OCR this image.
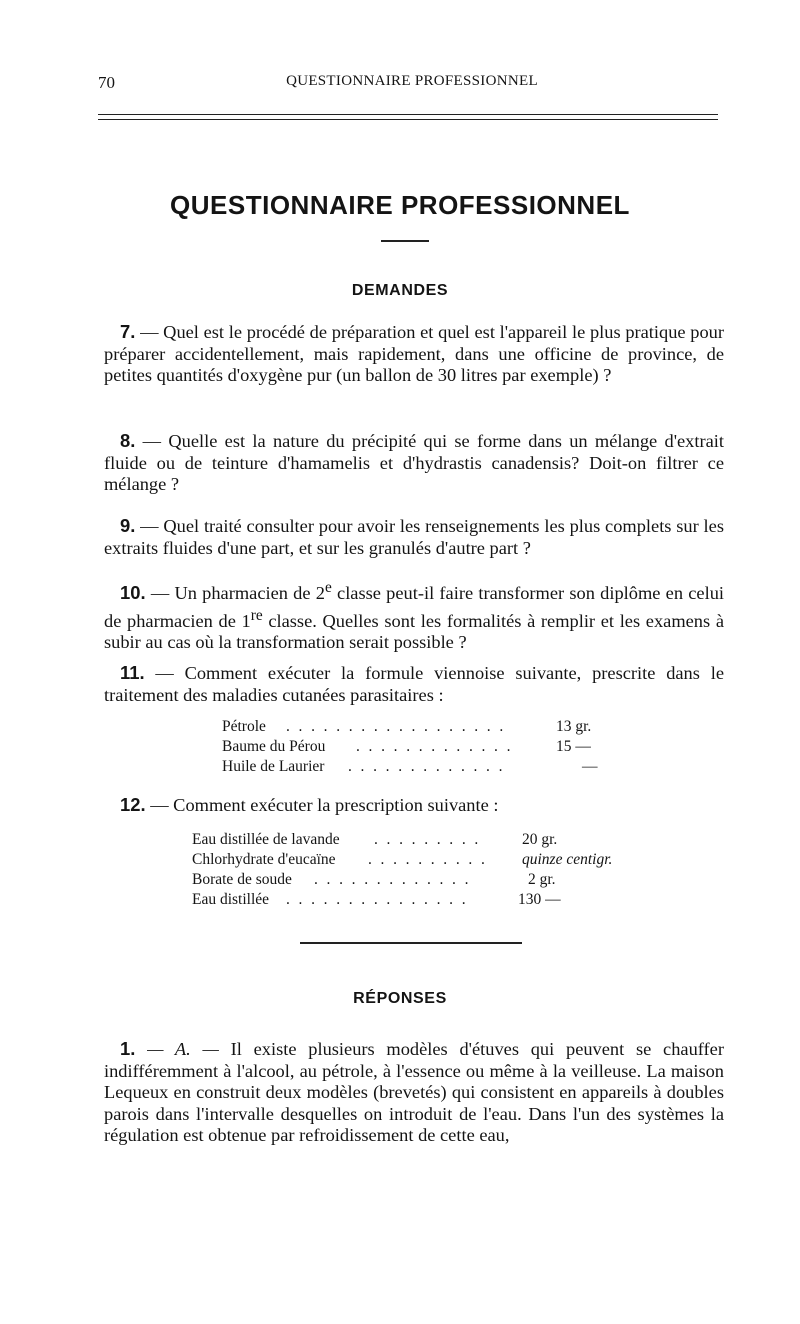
70	QUESTIONNAIRE PROFESSIONNEL
QUESTIONNAIRE PROFESSIONNEL
DEMANDES

7. — Quel est le procédé de préparation et quel est l'appareil le plus pratique pour préparer accidentellement, mais rapidement, dans une officine de province, de petites quantités d'oxygène pur (un ballon de 30 litres par exemple) ?

8. — Quelle est la nature du précipité qui se forme dans un mélange d'extrait fluide ou de teinture d'hamamelis et d'hydrastis canadensis? Doit-on filtrer ce mélange ?

9. — Quel traité consulter pour avoir les renseignements les plus complets sur les extraits fluides d'une part, et sur les granulés d'autre part ?

10. — Un pharmacien de 2e classe peut-il faire transformer son diplôme en celui de pharmacien de 1re classe. Quelles sont les formalités à remplir et les examens à subir au cas où la transformation serait possible ?

11. — Comment exécuter la formule viennoise suivante, prescrite dans le traitement des maladies cutanées parasitaires :

Pétrole . . . . . . . . . . . . . . . . . .	13 gr.
Baume du Pérou . . . . . . . . . . . . .	15 —
Huile de Laurier . . . . . . . . . . . . .	—

12. — Comment exécuter la prescription suivante :

Eau distillée de lavande . . . . . . . . .	20 gr.
Chlorhydrate d'eucaïne . . . . . . . . . . quinze centigr.
Borate de soude . . . . . . . . . . . . .	2 gr.
Eau distillée . . . . . . . . . . . . . . .	130 —
RÉPONSES

1. — A. — Il existe plusieurs modèles d'étuves qui peuvent se chauffer indifféremment à l'alcool, au pétrole, à l'essence ou même à la veilleuse. La maison Lequeux en construit deux modèles (brevetés) qui consistent en appareils à doubles parois dans l'intervalle desquelles on introduit de l'eau. Dans l'un des systèmes la régulation est obtenue par refroidissement de cette eau,
